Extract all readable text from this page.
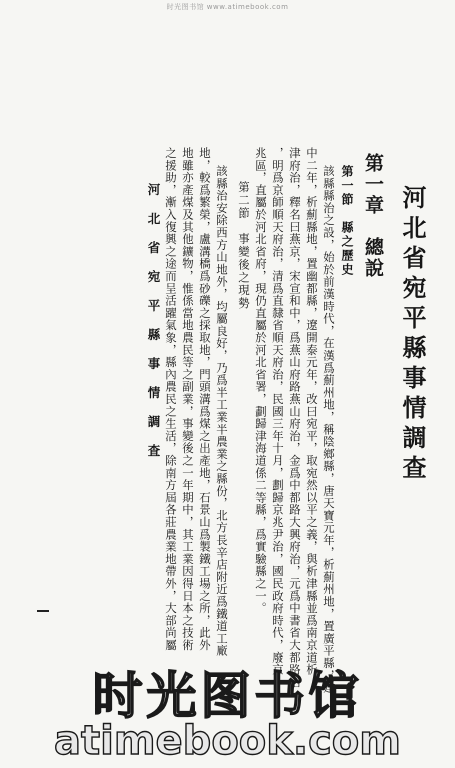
时光图书馆 www.atimebook.com
河北省宛平縣事情調查
第一章　總說
第一節　縣之歷史
該縣縣治之設，始於前漢時代，在漢爲薊州地，稱陰鄉縣，唐天寶元年，析薊州地，置廣平縣，建
中二年，析薊縣地，置幽都縣，遼開泰元年，改曰宛平，取宛然以平之義，與析津縣並爲南京道析
津府治，釋名曰燕京，宋宣和中，爲燕山府路燕山府治，金爲中都路大興府治，元爲中書省大都路治
，明爲京師順天府治，清爲直隸省順天府治，民國三年十月，劃歸京兆尹治，國民政府時代，廢京
兆區，直屬於河北省府，現仍直屬於河北省署，劃歸津海道係二等縣，爲實驗縣之一。
第二節　事變後之現勢
該縣治安除西方山地外，均屬良好，乃爲半工業半農業之縣份，北方長辛店附近爲鐵道工廠
地，較爲繁榮，盧溝橋爲砂礫之採取地，門頭溝爲煤之出產地，石景山爲製鐵工場之所，此外
地雖亦產煤及其他鑛物，惟係當地農民等之副業，事變後之一年期中，其工業因得日本之技術
之援助，漸入復興之途而呈活躍氣象，縣內農民之生活，除南方屆各莊農業地帶外，大部尚屬
河　北　省　宛　平　縣　事　情　調　査
时光图书馆
atimebook.com
